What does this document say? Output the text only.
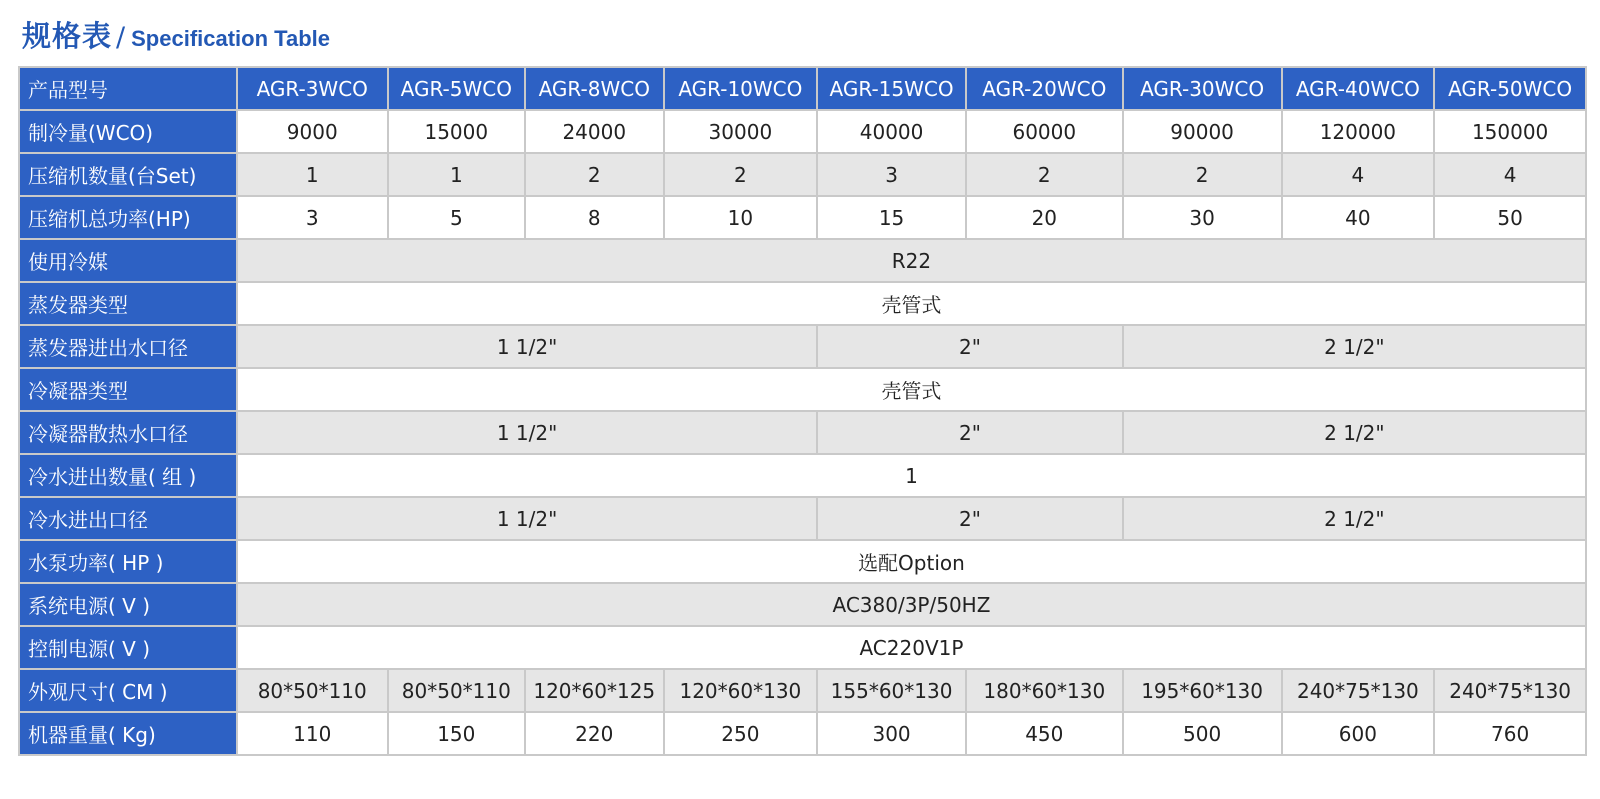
规格表 / Specification Table
产品型号	AGR-3WCO	AGR-5WCO	AGR-8WCO	AGR-10WCO	AGR-15WCO	AGR-20WCO	AGR-30WCO	AGR-40WCO	AGR-50WCO
制冷量(WCO)	9000	15000	24000	30000	40000	60000	90000	120000	150000
压缩机数量(台Set)	1	1	2	2	3	2	2	4	4
压缩机总功率(HP)	3	5	8	10	15	20	30	40	50
使用冷媒	R22								
蒸发器类型	壳管式								
蒸发器进出水口径	1 1/2"				2"		2 1/2"		
冷凝器类型	壳管式								
冷凝器散热水口径	1 1/2"				2"		2 1/2"		
冷水进出数量( 组 )	1								
冷水进出口径	1 1/2"				2"		2 1/2"		
水泵功率( HP )	选配Option								
系统电源( V )	AC380/3P/50HZ								
控制电源( V )	AC220V1P								
外观尺寸( CM )	80*50*110	80*50*110	120*60*125	120*60*130	155*60*130	180*60*130	195*60*130	240*75*130	240*75*130
机器重量( Kg)	110	150	220	250	300	450	500	600	760
